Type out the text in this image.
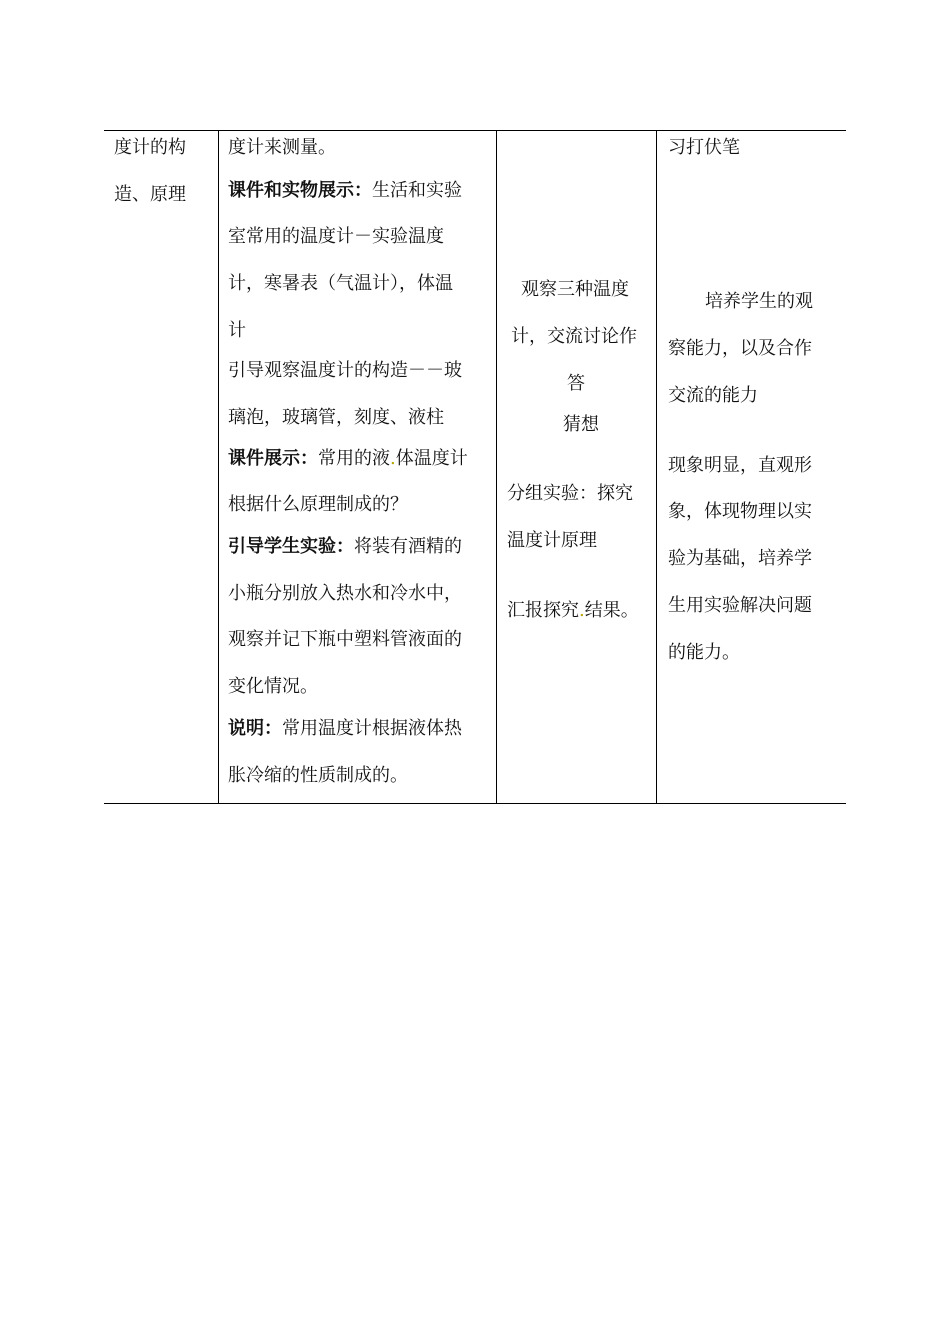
度计的构
造、原理
度计来测量。
课件和实物展示：生活和实验
室常用的温度计－实验温度
计，寒暑表（气温计），体温
计
引导观察温度计的构造－－玻
璃泡，玻璃管，刻度、液柱
课件展示：常用的液.体温度计
根据什么原理制成的？
引导学生实验：将装有酒精的
小瓶分别放入热水和冷水中，
观察并记下瓶中塑料管液面的
变化情况。
说明：常用温度计根据液体热
胀冷缩的性质制成的。
观察三种温度
计，交流讨论作
答
猜想
分组实验：探究
温度计原理
汇报探究.结果。
习打伏笔
培养学生的观
察能力，以及合作
交流的能力
现象明显，直观形
象，体现物理以实
验为基础，培养学
生用实验解决问题
的能力。
